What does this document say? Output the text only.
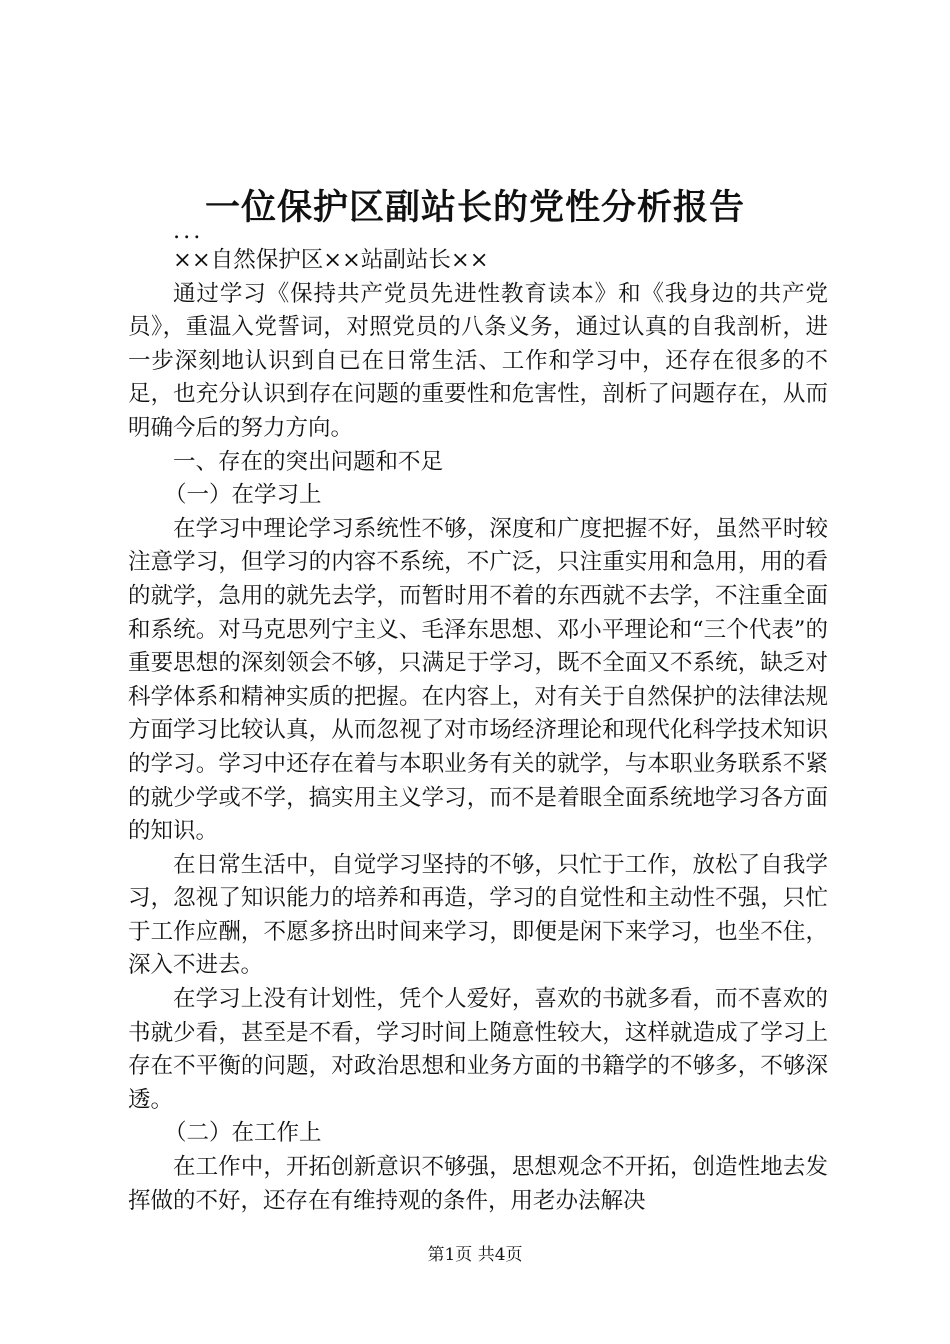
一位保护区副站长的党性分析报告

...

××自然保护区××站副站长××

通过学习《保持共产党员先进性教育读本》和《我身边的共产党员》，重温入党誓词，对照党员的八条义务，通过认真的自我剖析，进一步深刻地认识到自已在日常生活、工作和学习中，还存在很多的不足，也充分认识到存在问题的重要性和危害性，剖析了问题存在，从而明确今后的努力方向。

一、存在的突出问题和不足

（一）在学习上

在学习中理论学习系统性不够，深度和广度把握不好，虽然平时较注意学习，但学习的内容不系统，不广泛，只注重实用和急用，用的看的就学，急用的就先去学，而暂时用不着的东西就不去学，不注重全面和系统。对马克思列宁主义、毛泽东思想、邓小平理论和“三个代表”的重要思想的深刻领会不够，只满足于学习，既不全面又不系统，缺乏对科学体系和精神实质的把握。在内容上，对有关于自然保护的法律法规方面学习比较认真，从而忽视了对市场经济理论和现代化科学技术知识的学习。学习中还存在着与本职业务有关的就学，与本职业务联系不紧的就少学或不学，搞实用主义学习，而不是着眼全面系统地学习各方面的知识。

在日常生活中，自觉学习坚持的不够，只忙于工作，放松了自我学习，忽视了知识能力的培养和再造，学习的自觉性和主动性不强，只忙于工作应酬，不愿多挤出时间来学习，即便是闲下来学习，也坐不住，深入不进去。

在学习上没有计划性，凭个人爱好，喜欢的书就多看，而不喜欢的书就少看，甚至是不看，学习时间上随意性较大，这样就造成了学习上存在不平衡的问题，对政治思想和业务方面的书籍学的不够多，不够深透。

（二）在工作上

在工作中，开拓创新意识不够强，思想观念不开拓，创造性地去发挥做的不好，还存在有维持观的条件，用老办法解决

第1页 共4页
